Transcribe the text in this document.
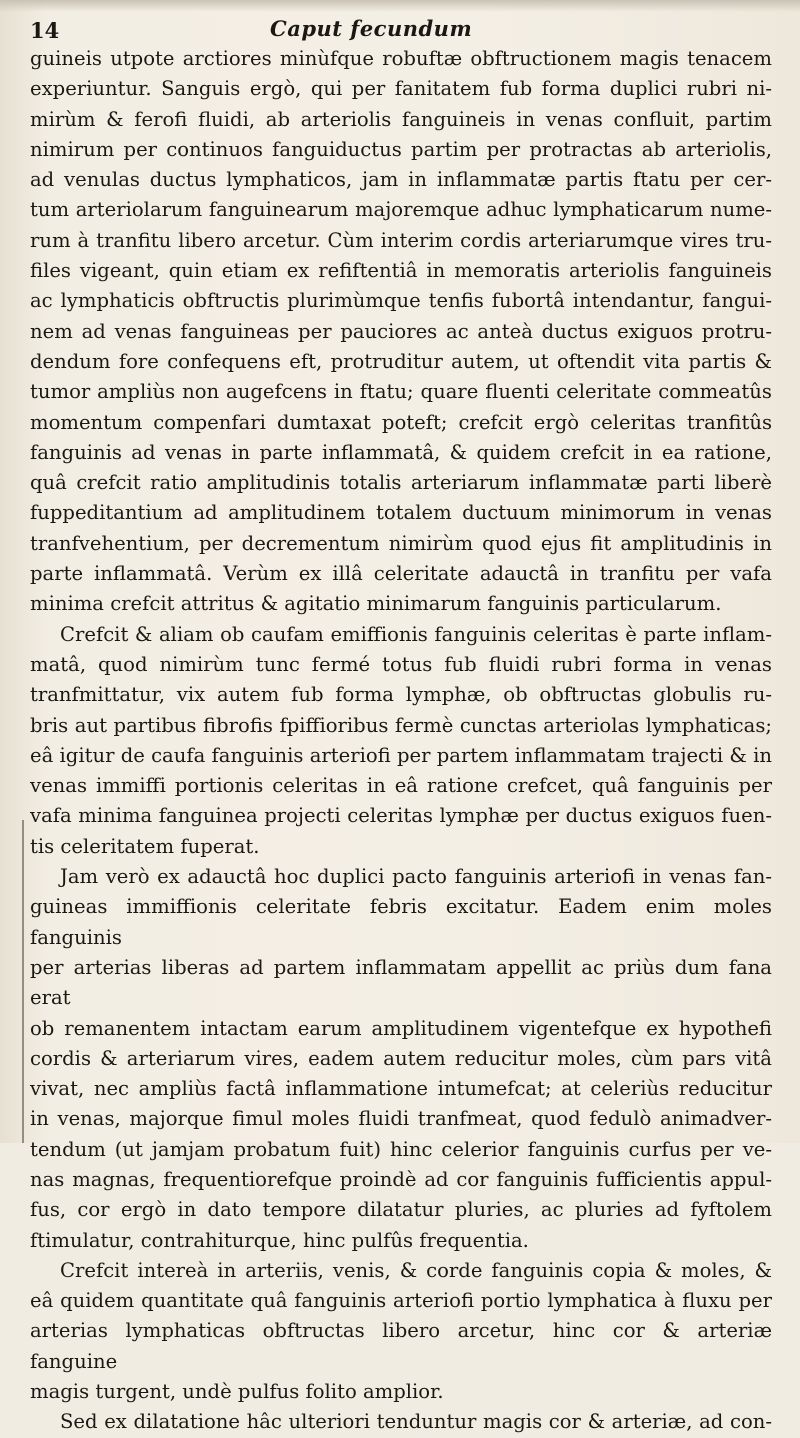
14	Caput fecundum

guineis utpote arctiores minùfque robuftæ obftructionem magis tenacem

experiuntur. Sanguis ergò, qui per fanitatem fub forma duplici rubri ni-

mirùm & ferofi fluidi, ab arteriolis fanguineis in venas confluit, partim

nimirum per continuos fanguiductus partim per protractas ab arteriolis,

ad venulas ductus lymphaticos, jam in inflammatæ partis ftatu per cer-

tum arteriolarum fanguinearum majoremque adhuc lymphaticarum nume-

rum à tranfitu libero arcetur. Cùm interim cordis arteriarumque vires tru-

files vigeant, quin etiam ex refiftentiâ in memoratis arteriolis fanguineis

ac lymphaticis obftructis plurimùmque tenfis fubortâ intendantur, fangui-

nem ad venas fanguineas per pauciores ac anteà ductus exiguos protru-

dendum fore confequens eft, protruditur autem, ut oftendit vita partis &

tumor ampliùs non augefcens in ftatu; quare fluenti celeritate commeatûs

momentum compenfari dumtaxat poteft; crefcit ergò celeritas tranfitûs

fanguinis ad venas in parte inflammatâ, & quidem crefcit in ea ratione,

quâ crefcit ratio amplitudinis totalis arteriarum inflammatæ parti liberè

fuppeditantium ad amplitudinem totalem ductuum minimorum in venas

tranfvehentium, per decrementum nimirùm quod ejus fit amplitudinis in

parte inflammatâ. Verùm ex illâ celeritate adauctâ in tranfitu per vafa

minima crefcit attritus & agitatio minimarum fanguinis particularum.

Crefcit & aliam ob caufam emiffionis fanguinis celeritas è parte inflam-

matâ, quod nimirùm tunc fermé totus fub fluidi rubri forma in venas

tranfmittatur, vix autem fub forma lymphæ, ob obftructas globulis ru-

bris aut partibus fibrofis fpiffioribus fermè cunctas arteriolas lymphaticas;

eâ igitur de caufa fanguinis arteriofi per partem inflammatam trajecti & in

venas immiffi portionis celeritas in eâ ratione crefcet, quâ fanguinis per

vafa minima fanguinea projecti celeritas lymphæ per ductus exiguos fuen-

tis celeritatem fuperat.

Jam verò ex adauctâ hoc duplici pacto fanguinis arteriofi in venas fan-

guineas immiffionis celeritate febris excitatur. Eadem enim moles fanguinis

per arterias liberas ad partem inflammatam appellit ac priùs dum fana erat

ob remanentem intactam earum amplitudinem vigentefque ex hypothefi

cordis & arteriarum vires, eadem autem reducitur moles, cùm pars vitâ

vivat, nec ampliùs factâ inflammatione intumefcat; at celeriùs reducitur

in venas, majorque fimul moles fluidi tranfmeat, quod fedulò animadver-

tendum (ut jamjam probatum fuit) hinc celerior fanguinis curfus per ve-

nas magnas, frequentiorefque proindè ad cor fanguinis fufficientis appul-

fus, cor ergò in dato tempore dilatatur pluries, ac pluries ad fyftolem

ftimulatur, contrahiturque, hinc pulfûs frequentia.

Crefcit intereà in arteriis, venis, & corde fanguinis copia & moles, &

eâ quidem quantitate quâ fanguinis arteriofi portio lymphatica à fluxu per

arterias lymphaticas obftructas libero arcetur, hinc cor & arteriæ fanguine

magis turgent, undè pulfus folito amplior.

Sed ex dilatatione hâc ulteriori tenduntur magis cor & arteriæ, ad con-
